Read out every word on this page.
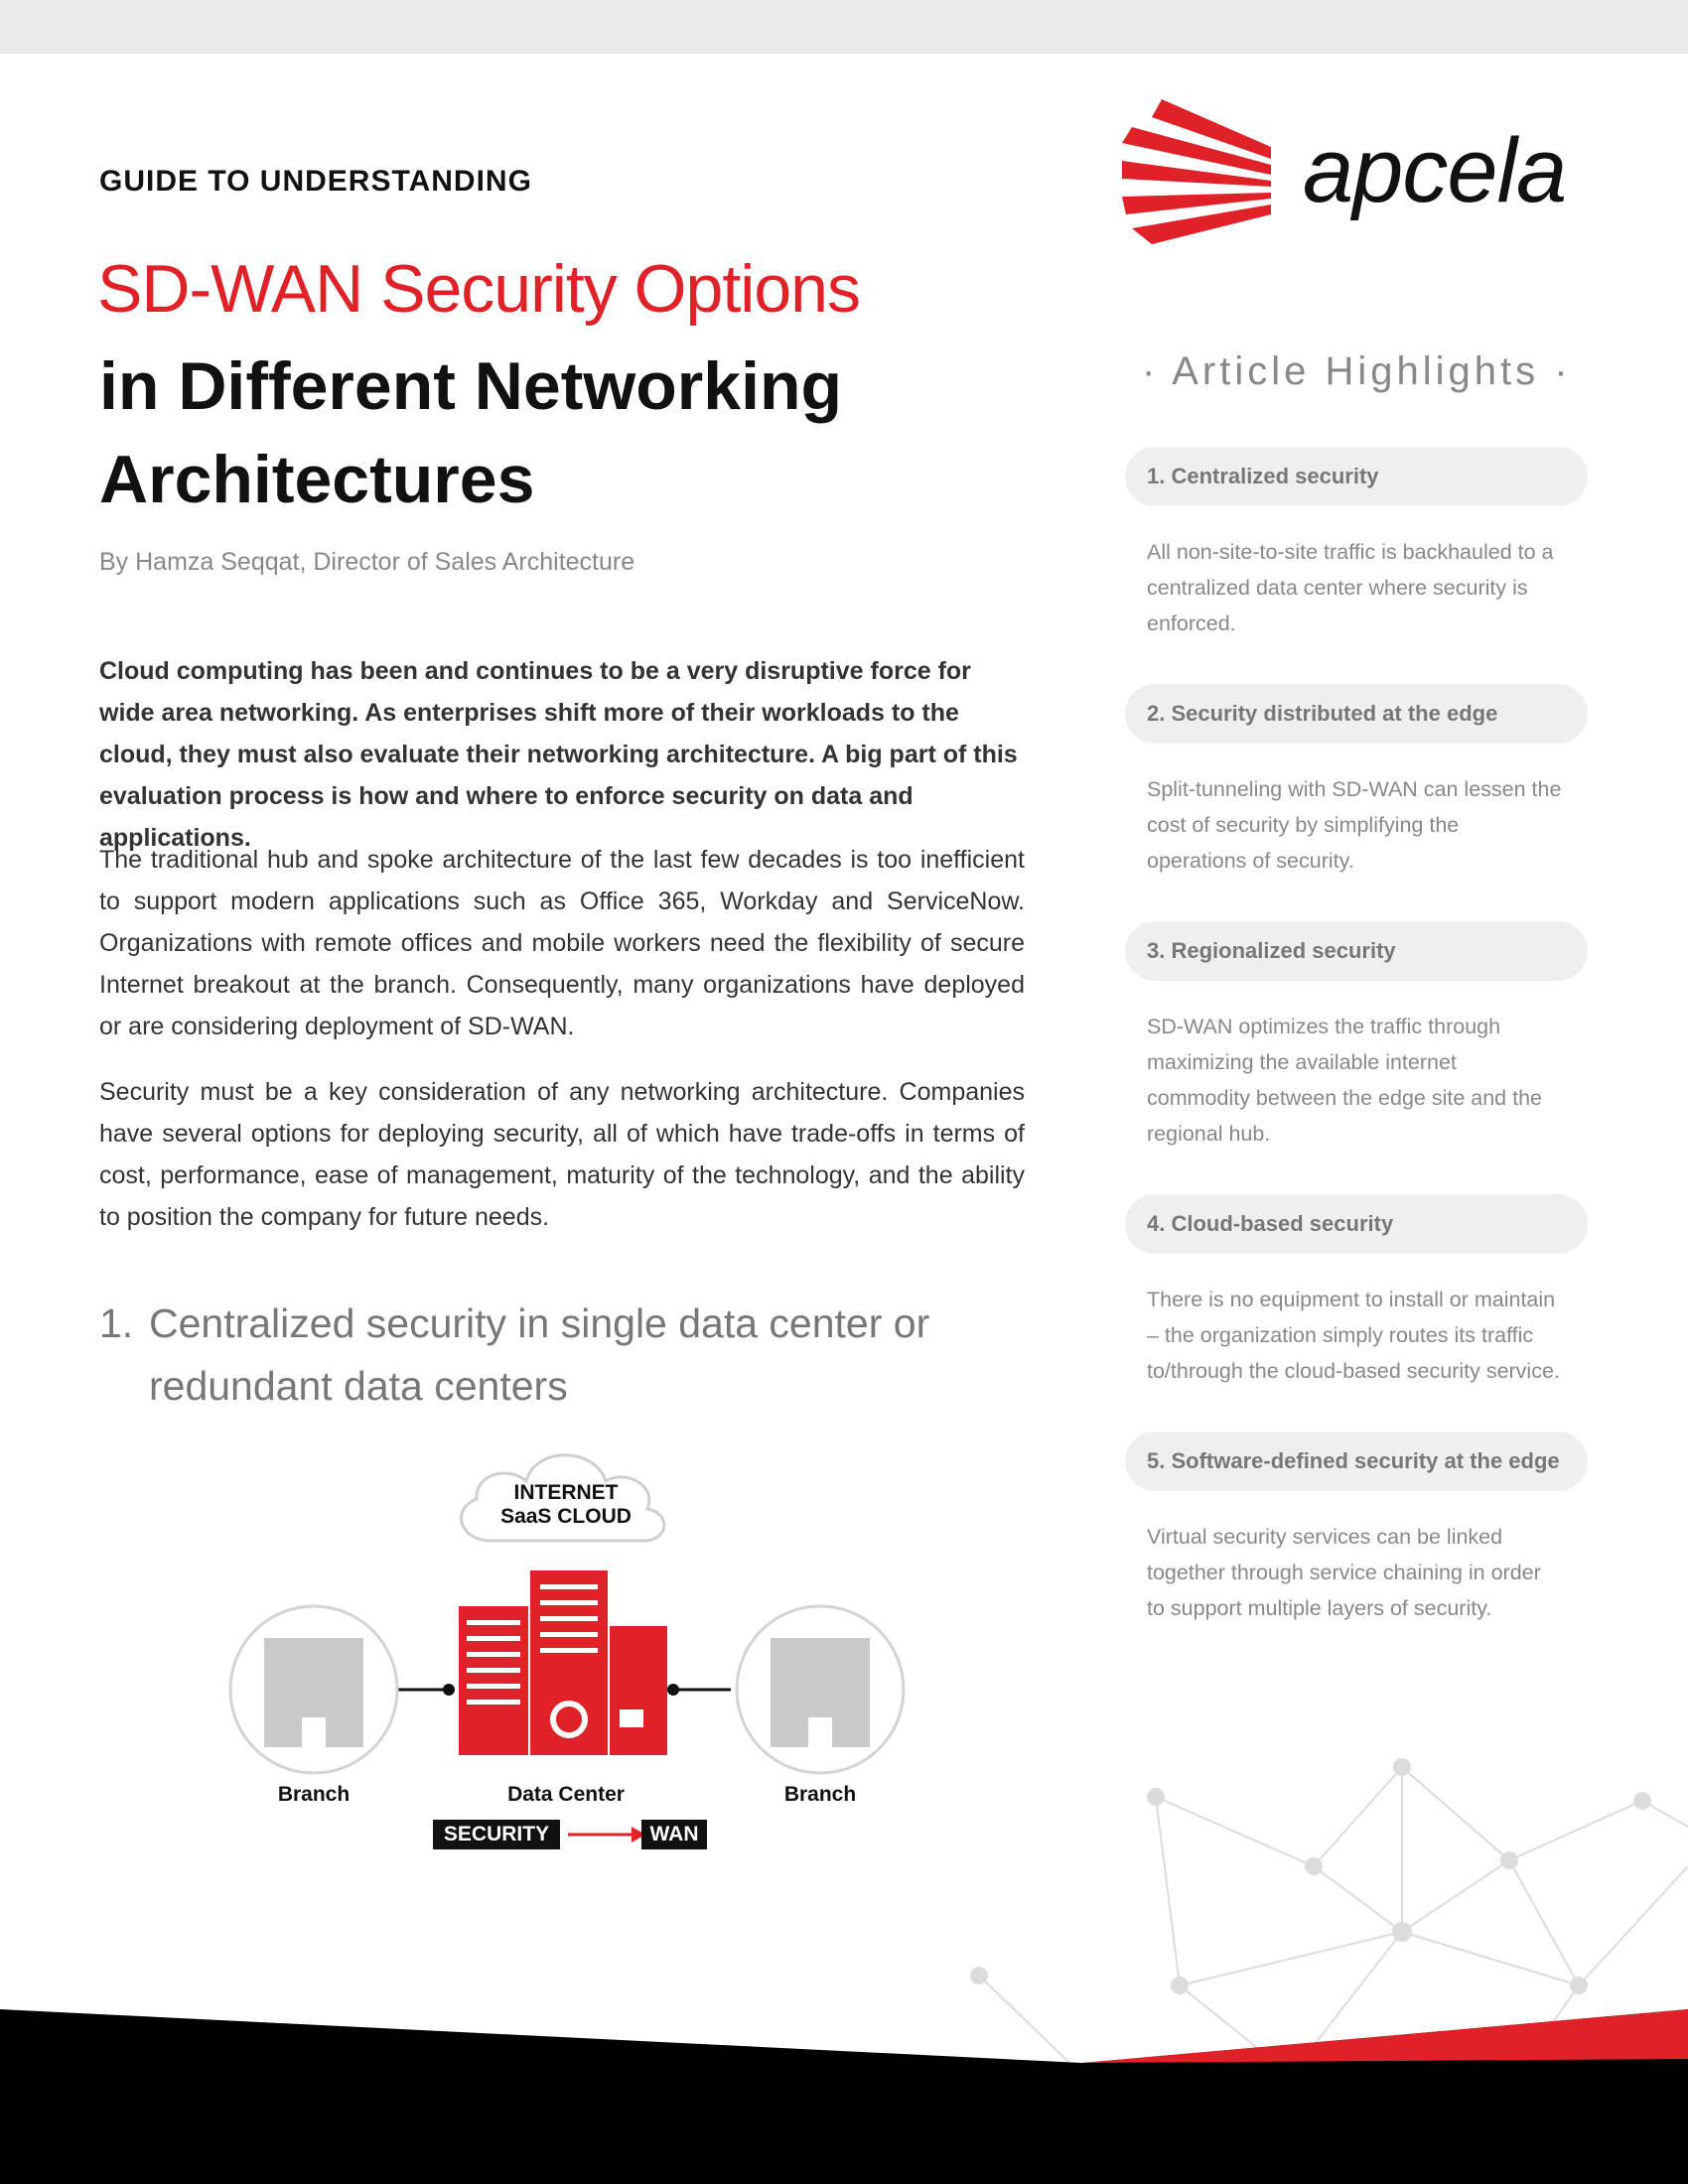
apcela
GUIDE TO UNDERSTANDING
SD-WAN Security Options
in Different Networking Architectures
By Hamza Seqqat, Director of Sales Architecture
Cloud computing has been and continues to be a very disruptive force for wide area networking. As enterprises shift more of their workloads to the cloud, they must also evaluate their networking architecture. A big part of this evaluation process is how and where to enforce security on data and applications.
The traditional hub and spoke architecture of the last few decades is too inefficient to support modern applications such as Office 365, Workday and ServiceNow. Organizations with remote offices and mobile workers need the flexibility of secure Internet breakout at the branch. Consequently, many organizations have deployed or are considering deployment of SD-WAN.
Security must be a key consideration of any networking architecture. Companies have several options for deploying security, all of which have trade-offs in terms of cost, performance, ease of management, maturity of the technology, and the ability to position the company for future needs.
1. Centralized security in single data center or redundant data centers
INTERNET
SaaS CLOUD
Branch	Data Center	Branch
SECURITY	WAN
· Article Highlights ·
1. Centralized security
All non-site-to-site traffic is backhauled to a centralized data center where security is enforced.
2. Security distributed at the edge
Split-tunneling with SD-WAN can lessen the cost of security by simplifying the operations of security.
3. Regionalized security
SD-WAN optimizes the traffic through maximizing the available internet commodity between the edge site and the regional hub.
4. Cloud-based security
There is no equipment to install or maintain – the organization simply routes its traffic to/through the cloud-based security service.
5. Software-defined security at the edge
Virtual security services can be linked together through service chaining in order to support multiple layers of security.
